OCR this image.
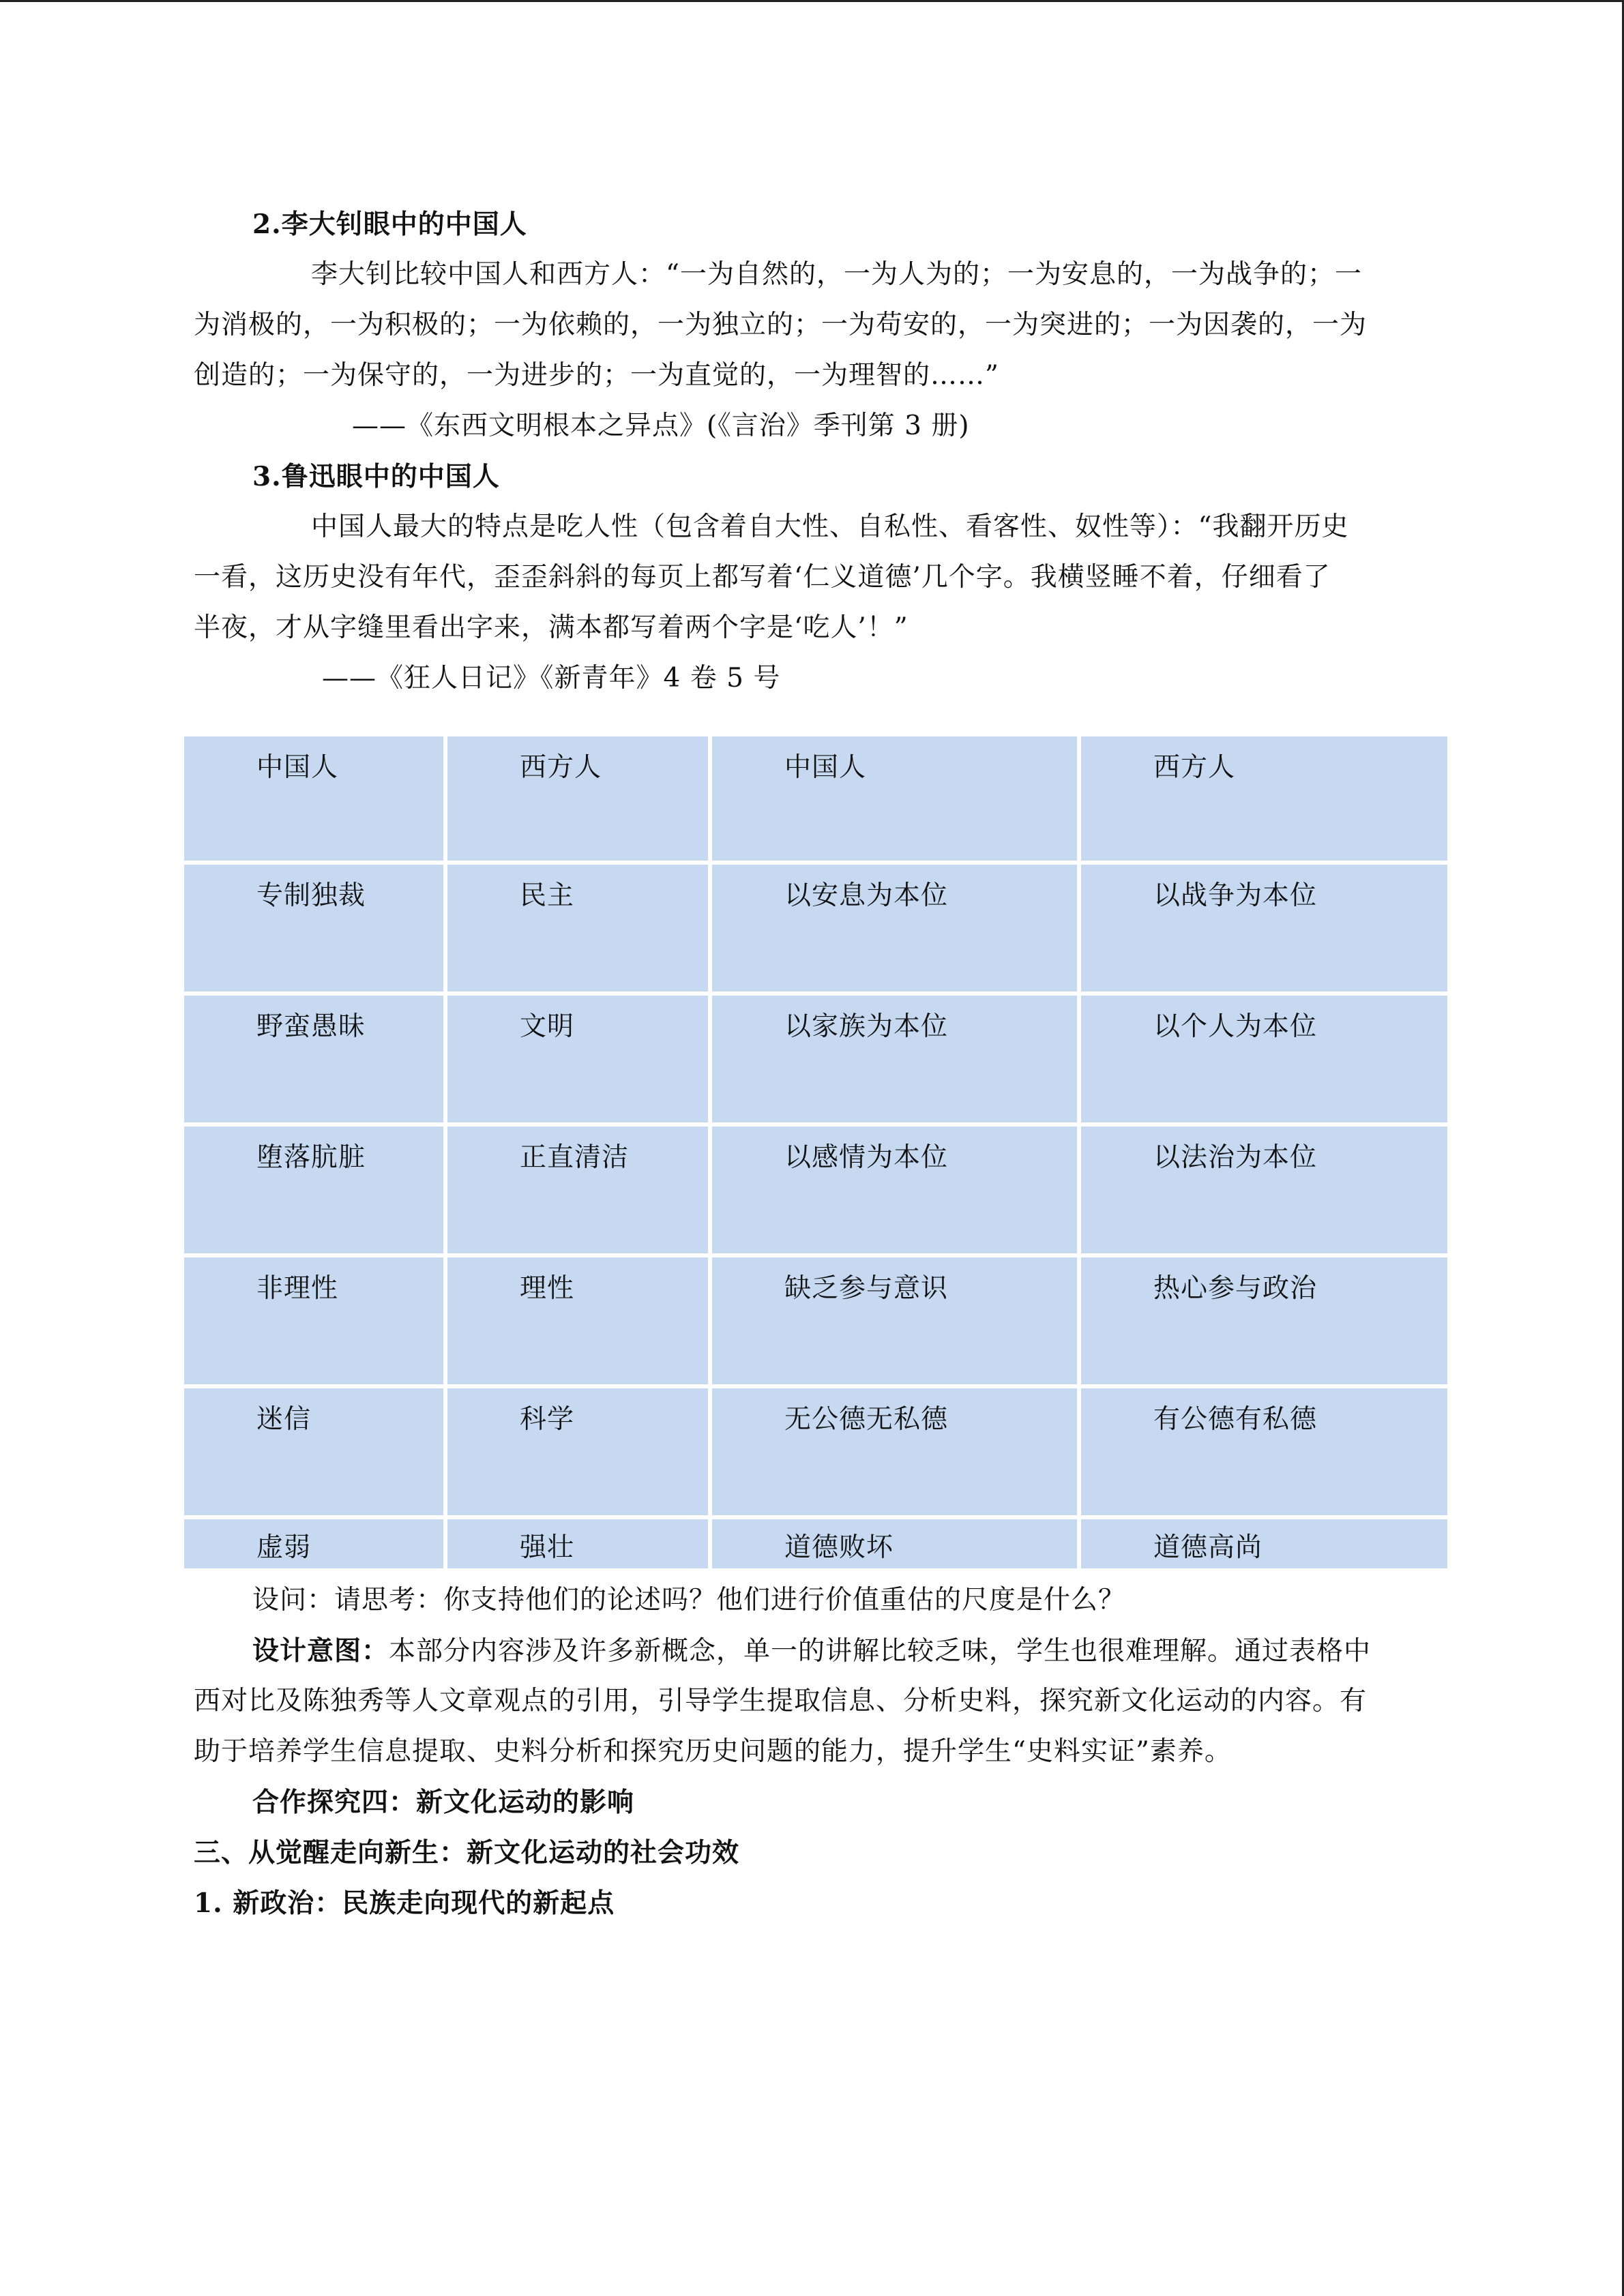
2.李大钊眼中的中国人
李大钊比较中国人和西方人：“一为自然的，一为人为的；一为安息的，一为战争的；一
为消极的，一为积极的；一为依赖的，一为独立的；一为苟安的，一为突进的；一为因袭的，一为
创造的；一为保守的，一为进步的；一为直觉的，一为理智的……”
——《东西文明根本之异点》(《言治》季刊第 3 册)
3.鲁迅眼中的中国人
中国人最大的特点是吃人性（包含着自大性、自私性、看客性、奴性等）：“我翻开历史
一看，这历史没有年代，歪歪斜斜的每页上都写着‘仁义道德’几个字。我横竖睡不着，仔细看了
半夜，才从字缝里看出字来，满本都写着两个字是‘吃人’！”
——《狂人日记》《新青年》4 卷 5 号
中国人	西方人	中国人	西方人
专制独裁	民主	以安息为本位	以战争为本位
野蛮愚昧	文明	以家族为本位	以个人为本位
堕落肮脏	正直清洁	以感情为本位	以法治为本位
非理性	理性	缺乏参与意识	热心参与政治
迷信	科学	无公德无私德	有公德有私德
虚弱	强壮	道德败坏	道德高尚
设问：请思考：你支持他们的论述吗？他们进行价值重估的尺度是什么？
设计意图：本部分内容涉及许多新概念，单一的讲解比较乏味，学生也很难理解。通过表格中
西对比及陈独秀等人文章观点的引用，引导学生提取信息、分析史料，探究新文化运动的内容。有
助于培养学生信息提取、史料分析和探究历史问题的能力，提升学生“史料实证”素养。
合作探究四：新文化运动的影响
三、从觉醒走向新生：新文化运动的社会功效
1. 新政治：民族走向现代的新起点
